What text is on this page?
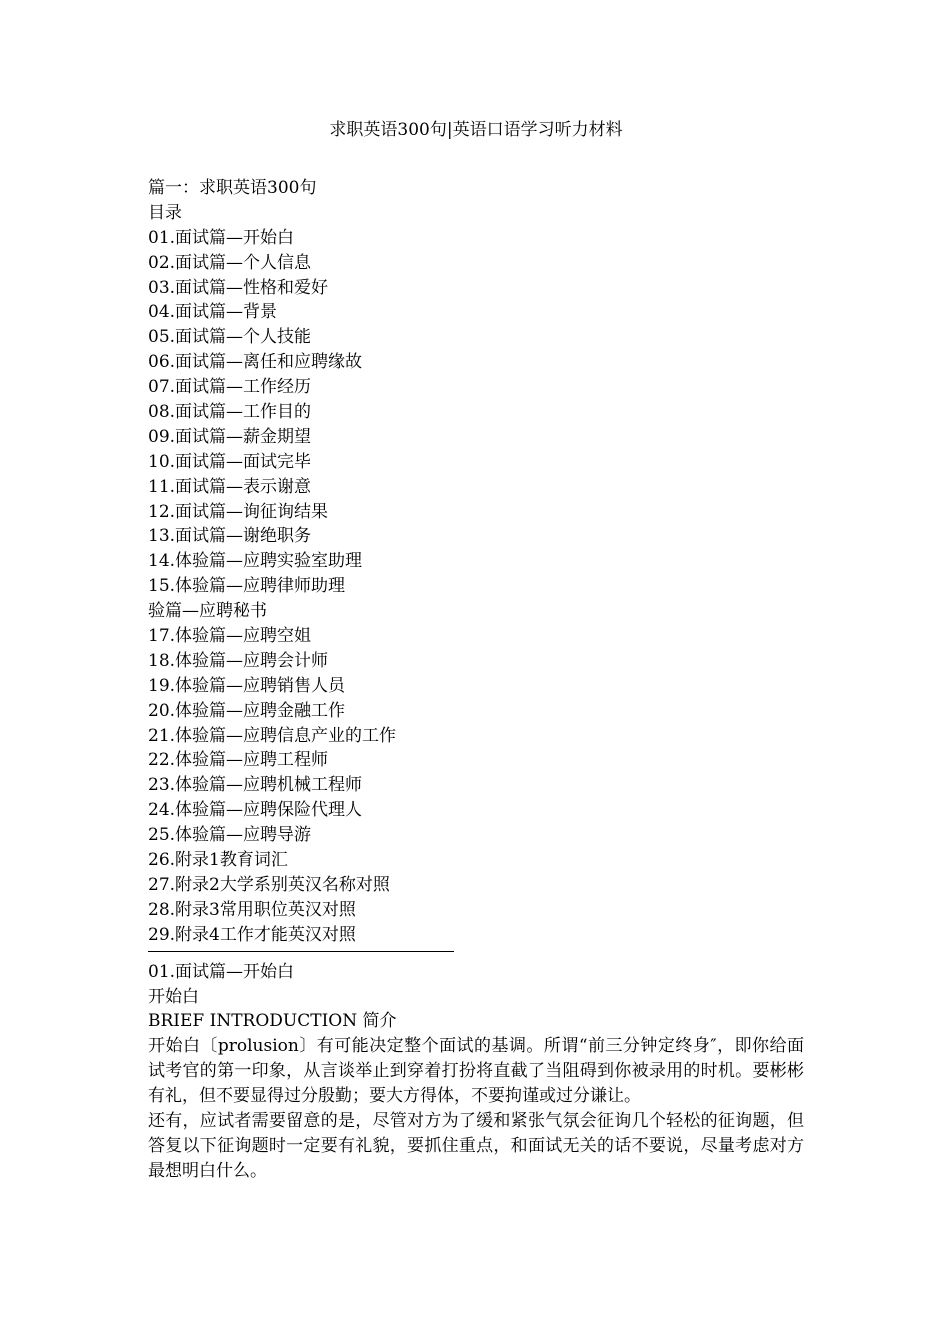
求职英语300句|英语口语学习听力材料
篇一：求职英语300句
目录
01.面试篇—开始白
02.面试篇—个人信息
03.面试篇—性格和爱好
04.面试篇—背景
05.面试篇—个人技能
06.面试篇—离任和应聘缘故
07.面试篇—工作经历
08.面试篇—工作目的
09.面试篇—薪金期望
10.面试篇—面试完毕
11.面试篇—表示谢意
12.面试篇—询征询结果
13.面试篇—谢绝职务
14.体验篇—应聘实验室助理
15.体验篇—应聘律师助理
验篇—应聘秘书
17.体验篇—应聘空姐
18.体验篇—应聘会计师
19.体验篇—应聘销售人员
20.体验篇—应聘金融工作
21.体验篇—应聘信息产业的工作
22.体验篇—应聘工程师
23.体验篇—应聘机械工程师
24.体验篇—应聘保险代理人
25.体验篇—应聘导游
26.附录1教育词汇
27.附录2大学系别英汉名称对照
28.附录3常用职位英汉对照
29.附录4工作才能英汉对照
01.面试篇—开始白
开始白
BRIEF INTRODUCTION 简介

开始白〔prolusion〕有可能决定整个面试的基调。所谓“前三分钟定终身″，即你给面试考官的第一印象，从言谈举止到穿着打扮将直截了当阻碍到你被录用的时机。要彬彬有礼，但不要显得过分殷勤；要大方得体，不要拘谨或过分谦让。

还有，应试者需要留意的是，尽管对方为了缓和紧张气氛会征询几个轻松的征询题，但答复以下征询题时一定要有礼貌，要抓住重点，和面试无关的话不要说，尽量考虑对方最想明白什么。
